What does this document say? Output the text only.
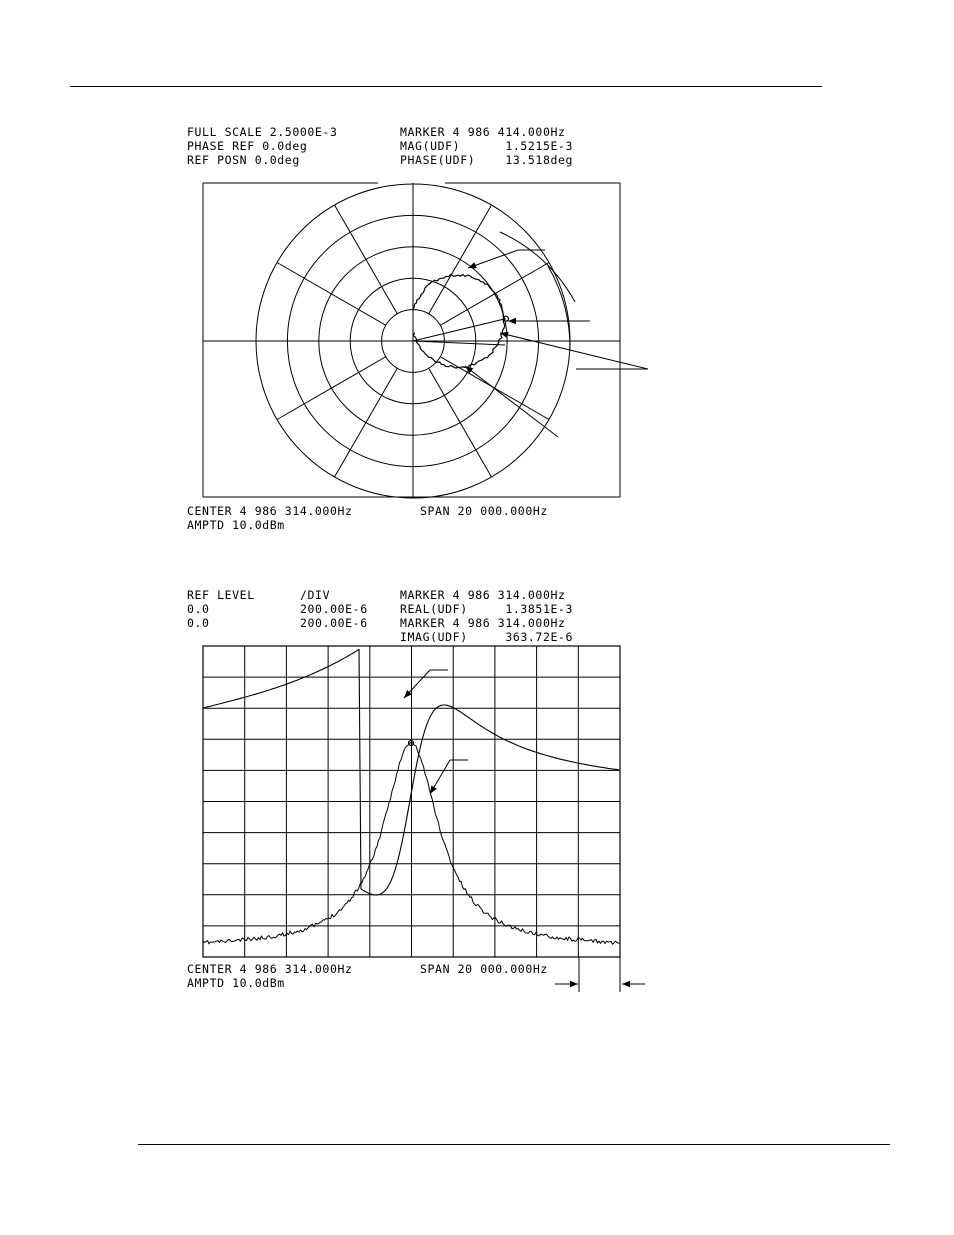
FULL SCALE 2.5000E-3
PHASE REF 0.0deg
REF POSN 0.0deg
MARKER 4 986 414.000Hz
MAG(UDF)      1.5215E-3
PHASE(UDF)    13.518deg
CENTER 4 986 314.000Hz
AMPTD 10.0dBm
SPAN 20 000.000Hz
REF LEVEL
0.0
0.0
/DIV
200.00E-6
200.00E-6
MARKER 4 986 314.000Hz
REAL(UDF)     1.3851E-3
MARKER 4 986 314.000Hz
IMAG(UDF)     363.72E-6
CENTER 4 986 314.000Hz
AMPTD 10.0dBm
SPAN 20 000.000Hz
